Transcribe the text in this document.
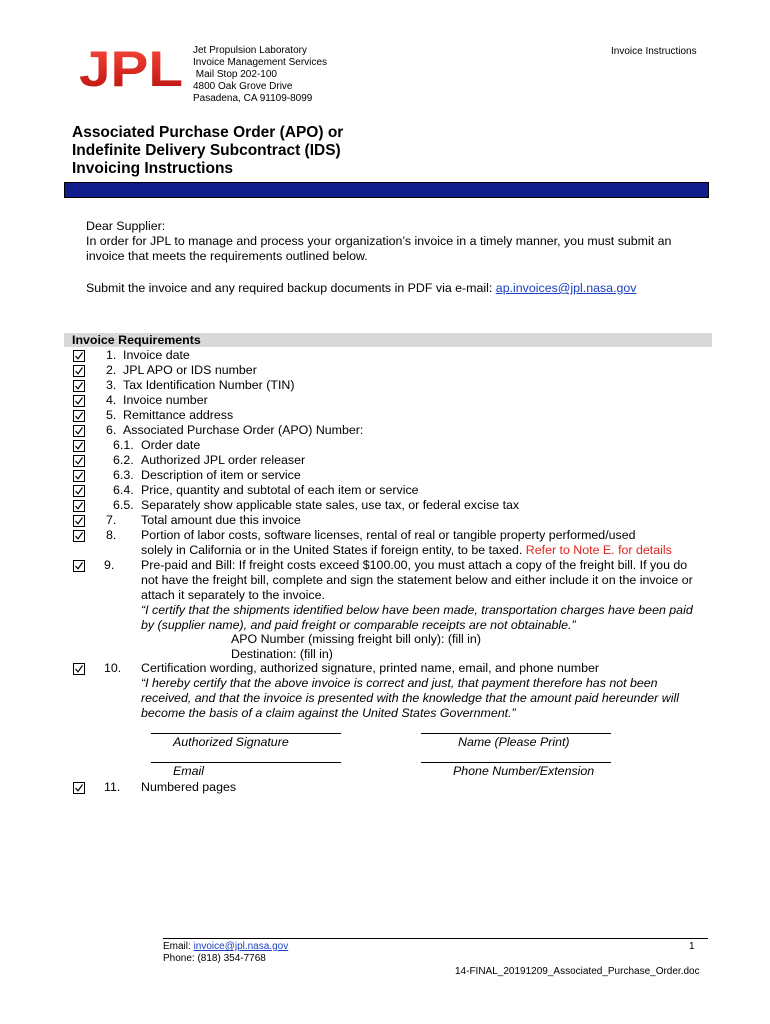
JPL Jet Propulsion Laboratory
Invoice Management Services
Mail Stop 202-100
4800 Oak Grove Drive
Pasadena, CA 91109-8099
Invoice Instructions
Associated Purchase Order (APO) or
Indefinite Delivery Subcontract (IDS)
Invoicing Instructions

Dear Supplier:

In order for JPL to manage and process your organization’s invoice in a timely manner, you must submit an invoice that meets the requirements outlined below.

Submit the invoice and any required backup documents in PDF via e-mail: ap.invoices@jpl.nasa.gov

Invoice Requirements
1. Invoice date
2. JPL APO or IDS number
3. Tax Identification Number (TIN)
4. Invoice number
5. Remittance address
6. Associated Purchase Order (APO) Number:
6.1. Order date
6.2. Authorized JPL order releaser
6.3. Description of item or service
6.4. Price, quantity and subtotal of each item or service
6.5. Separately show applicable state sales, use tax, or federal excise tax
7. Total amount due this invoice
8. Portion of labor costs, software licenses, rental of real or tangible property performed/used
solely in California or in the United States if foreign entity, to be taxed. Refer to Note E. for details
9. Pre-paid and Bill: If freight costs exceed $100.00, you must attach a copy of the freight bill. If you do
not have the freight bill, complete and sign the statement below and either include it on the invoice or
attach it separately to the invoice.
“I certify that the shipments identified below have been made, transportation charges have been paid
by (supplier name), and paid freight or comparable receipts are not obtainable.”
APO Number (missing freight bill only): (fill in)
Destination: (fill in)
10. Certification wording, authorized signature, printed name, email, and phone number
“I hereby certify that the above invoice is correct and just, that payment therefore has not been
received, and that the invoice is presented with the knowledge that the amount paid hereunder will
become the basis of a claim against the United States Government.”
Authorized Signature	Name (Please Print)
Email	Phone Number/Extension
11. Numbered pages
Email: invoice@jpl.nasa.gov
Phone: (818) 354-7768
1
14-FINAL_20191209_Associated_Purchase_Order.doc
